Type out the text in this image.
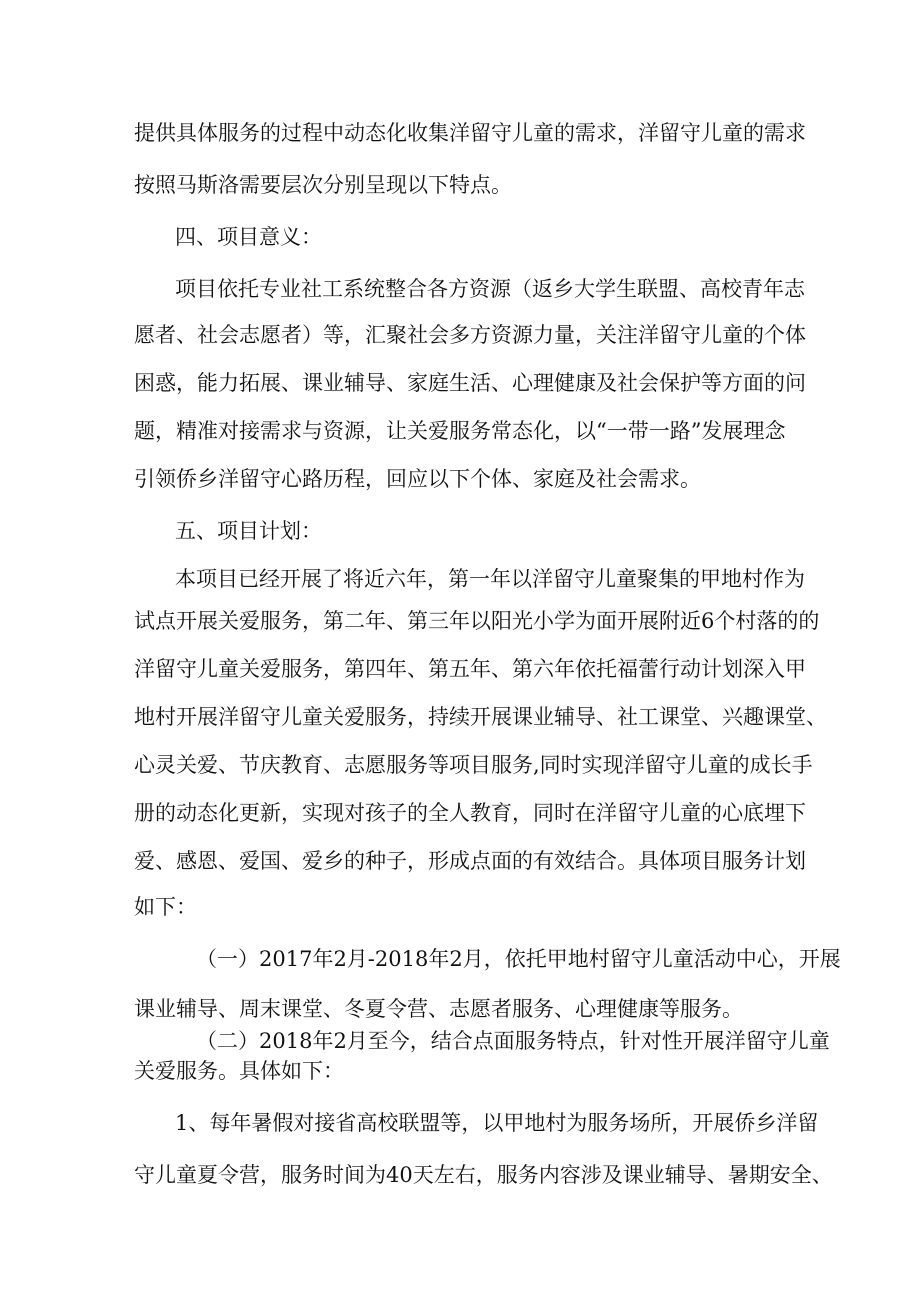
提供具体服务的过程中动态化收集洋留守儿童的需求，洋留守儿童的需求
按照马斯洛需要层次分别呈现以下特点。
四、项目意义：
项目依托专业社工系统整合各方资源（返乡大学生联盟、高校青年志
愿者、社会志愿者）等，汇聚社会多方资源力量，关注洋留守儿童的个体
困惑，能力拓展、课业辅导、家庭生活、心理健康及社会保护等方面的问
题，精准对接需求与资源，让关爱服务常态化，以“一带一路”发展理念
引领侨乡洋留守心路历程，回应以下个体、家庭及社会需求。
五、项目计划：
本项目已经开展了将近六年，第一年以洋留守儿童聚集的甲地村作为
试点开展关爱服务，第二年、第三年以阳光小学为面开展附近6个村落的的
洋留守儿童关爱服务，第四年、第五年、第六年依托福蕾行动计划深入甲
地村开展洋留守儿童关爱服务，持续开展课业辅导、社工课堂、兴趣课堂、
心灵关爱、节庆教育、志愿服务等项目服务,同时实现洋留守儿童的成长手
册的动态化更新，实现对孩子的全人教育，同时在洋留守儿童的心底埋下
爱、感恩、爱国、爱乡的种子，形成点面的有效结合。具体项目服务计划
如下：
（一）2017年2月-2018年2月，依托甲地村留守儿童活动中心，开展
课业辅导、周末课堂、冬夏令营、志愿者服务、心理健康等服务。
（二）2018年2月至今，结合点面服务特点，针对性开展洋留守儿童
关爱服务。具体如下：
1、每年暑假对接省高校联盟等，以甲地村为服务场所，开展侨乡洋留
守儿童夏令营，服务时间为40天左右，服务内容涉及课业辅导、暑期安全、
